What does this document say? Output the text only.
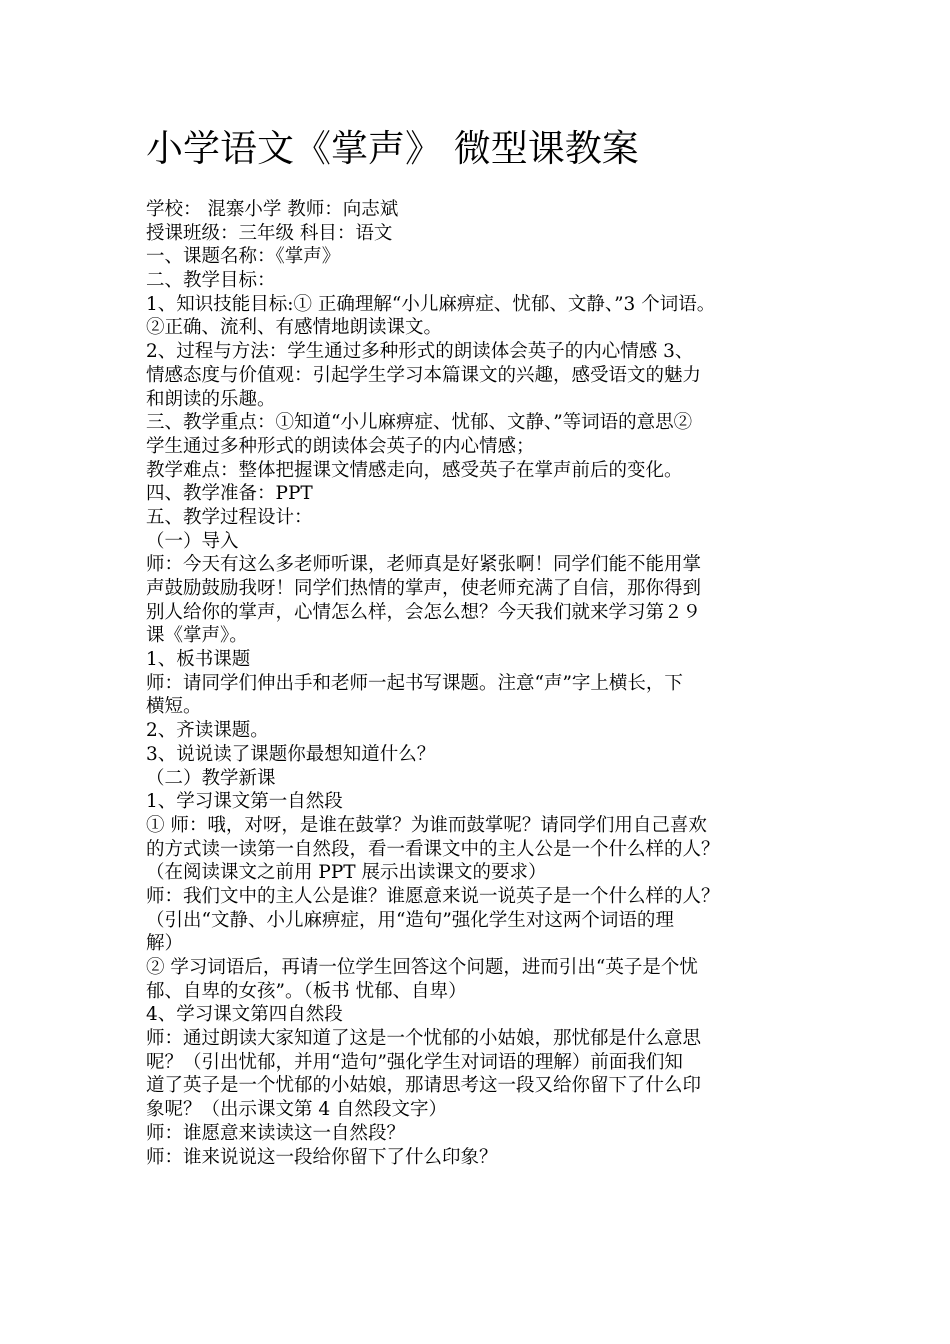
小学语文《掌声》 微型课教案
学校： 混寨小学 教师：向志斌
授课班级：三年级 科目：语文
一、课题名称：《掌声》
二、教学目标：
1、知识技能目标:① 正确理解“小儿麻痹症、忧郁、文静、”3 个词语。
②正确、流利、有感情地朗读课文。
2、过程与方法：学生通过多种形式的朗读体会英子的内心情感 3、
情感态度与价值观：引起学生学习本篇课文的兴趣，感受语文的魅力
和朗读的乐趣。
三、教学重点：①知道“小儿麻痹症、忧郁、文静、”等词语的意思②
学生通过多种形式的朗读体会英子的内心情感；
教学难点：整体把握课文情感走向，感受英子在掌声前后的变化。
四、教学准备：PPT
五、教学过程设计：
（一）导入
师：今天有这么多老师听课，老师真是好紧张啊！同学们能不能用掌
声鼓励鼓励我呀！同学们热情的掌声，使老师充满了自信，那你得到
别人给你的掌声，心情怎么样，会怎么想？今天我们就来学习第２９
课《掌声》。
1、板书课题
师：请同学们伸出手和老师一起书写课题。注意“声”字上横长，下
横短。
2、齐读课题。
3、说说读了课题你最想知道什么？
（二）教学新课
1、学习课文第一自然段
① 师：哦，对呀，是谁在鼓掌？为谁而鼓掌呢？请同学们用自己喜欢
的方式读一读第一自然段，看一看课文中的主人公是一个什么样的人？
（在阅读课文之前用 PPT 展示出读课文的要求）
师：我们文中的主人公是谁？谁愿意来说一说英子是一个什么样的人？
（引出“文静、小儿麻痹症，用“造句”强化学生对这两个词语的理
解）
② 学习词语后，再请一位学生回答这个问题，进而引出“英子是个忧
郁、自卑的女孩”。（板书 忧郁、自卑）
4、学习课文第四自然段
师：通过朗读大家知道了这是一个忧郁的小姑娘，那忧郁是什么意思
呢？（引出忧郁，并用“造句”强化学生对词语的理解）前面我们知
道了英子是一个忧郁的小姑娘，那请思考这一段又给你留下了什么印
象呢？（出示课文第 4 自然段文字）
师：谁愿意来读读这一自然段？
师：谁来说说这一段给你留下了什么印象？
